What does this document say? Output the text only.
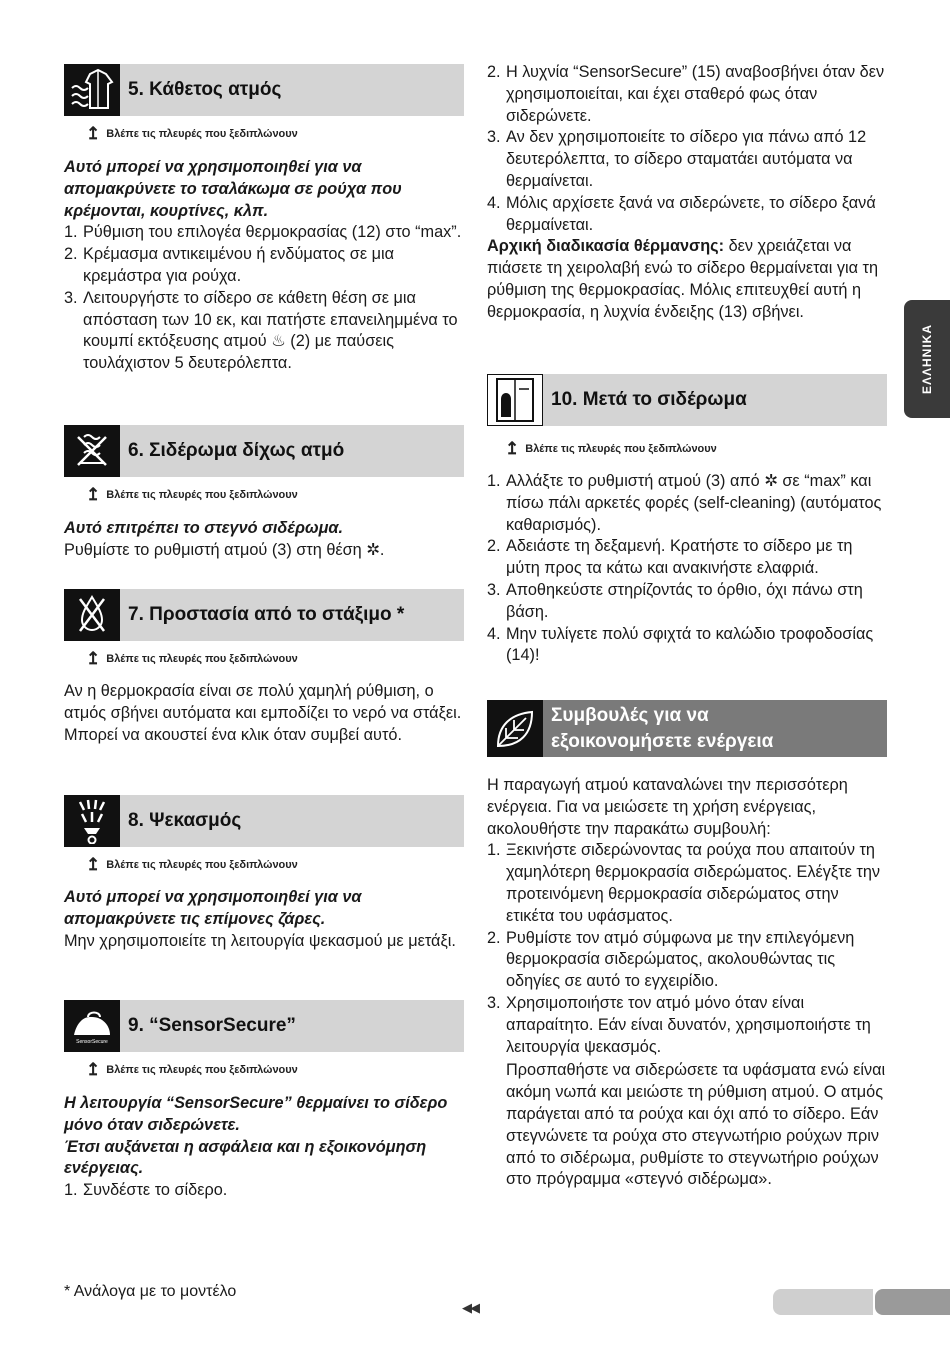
5. Κάθετος ατμός
↥ Βλέπε τις πλευρές που ξεδιπλώνουν

Αυτό μπορεί να χρησιμοποιηθεί για να απομακρύνετε το τσαλάκωμα σε ρούχα που κρέμονται, κουρτίνες, κλπ.

1. Ρύθμιση του επιλογέα θερμοκρασίας (12) στο “max”.
2. Κρέμασμα αντικειμένου ή ενδύματος σε μια κρεμάστρα για ρούχα.
3. Λειτουργήστε το σίδερο σε κάθετη θέση σε μια απόσταση των 10 εκ, και πατήστε επανειλημμένα το κουμπί εκτόξευσης ατμού ♨ (2) με παύσεις τουλάχιστον 5 δευτερόλεπτα.
6. Σιδέρωμα δίχως ατμό
↥ Βλέπε τις πλευρές που ξεδιπλώνουν

Αυτό επιτρέπει το στεγνό σιδέρωμα.

Ρυθμίστε το ρυθμιστή ατμού (3) στη θέση ✲.

7. Προστασία από το στάξιμο *
↥ Βλέπε τις πλευρές που ξεδιπλώνουν

Αν η θερμοκρασία είναι σε πολύ χαμηλή ρύθμιση, ο ατμός σβήνει αυτόματα και εμποδίζει το νερό να στάξει.

Μπορεί να ακουστεί ένα κλικ όταν συμβεί αυτό.

8. Ψεκασμός
↥ Βλέπε τις πλευρές που ξεδιπλώνουν

Αυτό μπορεί να χρησιμοποιηθεί για να απομακρύνετε τις επίμονες ζάρες.

Μην χρησιμοποιείτε τη λειτουργία ψεκασμού με μετάξι.

SensorSecure
9. “SensorSecure”
↥ Βλέπε τις πλευρές που ξεδιπλώνουν

Η λειτουργία “SensorSecure” θερμαίνει το σίδερο μόνο όταν σιδερώνετε.

Έτσι αυξάνεται η ασφάλεια και η εξοικονόμηση ενέργειας.

1. Συνδέστε το σίδερο.
2. Η λυχνία “SensorSecure” (15) αναβοσβήνει όταν δεν χρησιμοποιείται, και έχει σταθερό φως όταν σιδερώνετε.
3. Αν δεν χρησιμοποιείτε το σίδερο για πάνω από 12 δευτερόλεπτα, το σίδερο σταματάει αυτόματα να θερμαίνεται.
4. Μόλις αρχίσετε ξανά να σιδερώνετε, το σίδερο ξανά θερμαίνεται.

Αρχική διαδικασία θέρμανσης: δεν χρειάζεται να πιάσετε τη χειρολαβή ενώ το σίδερο θερμαίνεται για τη ρύθμιση της θερμοκρασίας. Μόλις επιτευχθεί αυτή η θερμοκρασία, η λυχνία ένδειξης (13) σβήνει.

10. Μετά το σιδέρωμα
↥ Βλέπε τις πλευρές που ξεδιπλώνουν
1. Αλλάξτε το ρυθμιστή ατμού (3) από ✲ σε “max” και πίσω πάλι αρκετές φορές (self-cleaning) (αυτόματος καθαρισμός).
2. Αδειάστε τη δεξαμενή. Κρατήστε το σίδερο με τη μύτη προς τα κάτω και ανακινήστε ελαφριά.
3. Αποθηκεύστε στηρίζοντάς το όρθιο, όχι πάνω στη βάση.
4. Μην τυλίγετε πολύ σφιχτά το καλώδιο τροφοδοσίας (14)!
Συμβουλές για να
εξοικονομήσετε ενέργεια

Η παραγωγή ατμού καταναλώνει την περισσότερη ενέργεια. Για να μειώσετε τη χρήση ενέργειας, ακολουθήστε την παρακάτω συμβουλή:

1. Ξεκινήστε σιδερώνοντας τα ρούχα που απαιτούν τη χαμηλότερη θερμοκρασία σιδερώματος. Ελέγξτε την προτεινόμενη θερμοκρασία σιδερώματος στην ετικέτα του υφάσματος.
2. Ρυθμίστε τον ατμό σύμφωνα με την επιλεγόμενη θερμοκρασία σιδερώματος, ακολουθώντας τις οδηγίες σε αυτό το εγχειρίδιο.
3. Χρησιμοποιήστε τον ατμό μόνο όταν είναι απαραίτητο. Εάν είναι δυνατόν, χρησιμοποιήστε τη λειτουργία ψεκασμός.

Προσπαθήστε να σιδερώσετε τα υφάσματα ενώ είναι ακόμη νωπά και μειώστε τη ρύθμιση ατμού. Ο ατμός παράγεται από τα ρούχα και όχι από το σίδερο. Εάν στεγνώνετε τα ρούχα στο στεγνωτήριο ρούχων πριν από το σιδέρωμα, ρυθμίστε το στεγνωτήριο ρούχων στο πρόγραμμα «στεγνό σιδέρωμα».

ΕΛΛΗΝΙΚΑ
* Ανάλογα με το μοντέλο
◀◀
